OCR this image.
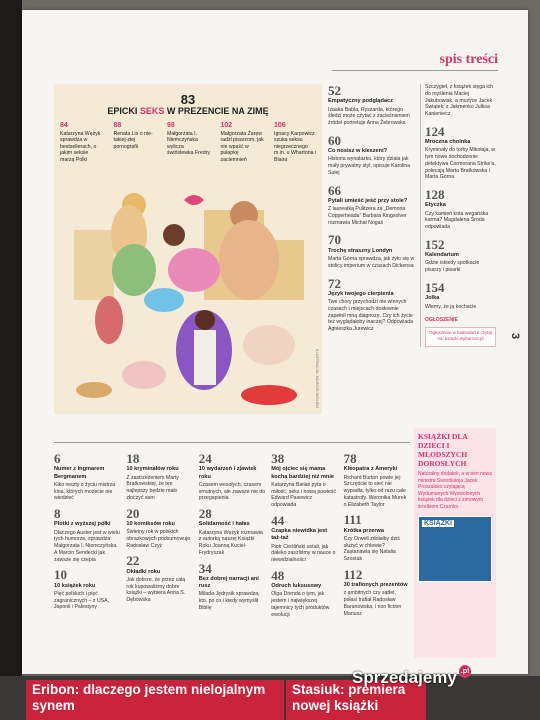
spis treści
83
EPICKI SEKS W PREZENCIE NA ZIMĘ
84
Katarzyna Wężyk sprawdza w bestsellerach, o jakim seksie marzą Polki
88
Renata Lis o nie-takiej-złej pornografii
98
Małgorzata I. Niemczyńska wylicza świństewka Fredry
102
Małgorzata Żaręw radzi pisarzom, jak nie wpaść w pułapkę zaciemnień
106
Ignacy Karpowicz szuka seksu niegrzecznego m.in. u Whartona i Blaira
ILUSTRACJA: MARCIN WOLSKI
52
Empatyczny podglądacz
Izaaka Babla, Ryszarda, którego śledzi może czytać z zacieśnieniem źródeł portretuje Anna Żebrowska
60
Co nosisz w kieszeni?
Historia wynalazku, który działa jak mały prywatny styl, opisuje Karolina Sulej
66
Pytali umieść jeść przy stole?
Z laureatką Pulitzera za „Demona Copperheada” Barbara Kingsolver rozmawia Michał Nogaś
70
Trochę straszny Londyn
Marta Górna sprawdza, jak żyło się w stolicy imperium w czasach Dickensa
72
Język twojego cierpienia
Twe chory przychodzi nie winnych czasach i miejscach dosłownie zapełnił mną diagnozę. Czy ich życie też wyglądałoby inaczej? Odpowiada Agnieszka Jurewicz
Szczygieł, z książek sięga ich do myślenia Maciej Jakubowiak, a muzyce Jacek Świątek; z Jakmenko Julksa Kanieniecz
124
Mroczna choinka
Kryminały do torby Mikołaja, w tym nowe dochodzenie detektywa Cormorana Strike'a, polecają Marta Bratkowska i Marta Górna
128
Etyczka
Czy kamień kota wegańska karma? Magdalena Środa odpowiada
152
Kalendarium
Gdzie iskiedy spotkacie pisarzy i pisarki
154
Jolka
Wiemy, że ją kochacie
OGŁOSZENIE
Ogłoszenie w kalendarzu czytaj na: ksiazki.wyborcza.pl	3
6
Numer z Ingmarem Bergmanem
Kiko reszty o życiu mistrza kina, których możecie nie wiedzieć
8
Plotki z wyższej półki
Dlaczego Auster jest w wielu tych humorze, sprawdza Małgorzata I. Niemczyńska. A Marcin Sendecki jak zawsze się czepia
10
10 książek roku
Pięć polskich i pięć zagranicznych – z USA, Japonii i Palestyny
18
10 kryminałów roku
Z zastrzeżeniem Marty Bratkowskiej, że ten najlepszy będzie mało złoczyć sam
20
10 komiksów roku
Świetny rok w polskich obrazkowych podsumowuje Radosław Czyż
22
Okładki roku
Jak dobrze, że przez całą rok kupowaliśmy dobre książki – wybiera Anna S. Dębowska
24
10 wydarzeń i zjawisk roku
Czasem wesołych, czasem smutnych, ale zawsze nie do przegapienia
28
Solidarność i hałas
Katarzyna Wężyk rozmawia z autorką naszej Książki Roku Joanną Kuciel-Frydryszak
34
Bez dobrej narracji ani rusz
Milada Jędrysik sprawdza, kto, po co i kiedy wymyślił Biblię
38
Mój ojciec się mama kocha bardziej niż mnie
Katarzyna Bielas pyta o miłość, seks i nową powieść Edward Pasewicz odpowiada
44
Czapka niewidka jest taż-taż
Piotr Cieśliński ustali, jak daleko zaszliśmy w nauce o niewidzialności
48
Odruch luksusowy
Olga Drenda o tym, jak jestem i największej tajemnicy tych produktów ewolucji
78
Kleopatra z Ameryki
Richard Burton powie jej: Szczęście to sieć nie wypadła, tylko od razu cale katastrofy. Weronika Murek o Elizabeth Taylor
111
Krótka przerwa
Czy Orwell zdołałby dziś służyć w chlewie? Zastanawia się Natalia Szostak
112
30 trafionych prezentów
z ambitnych czy sądel, połasi trafiał Radosław Baranowska, i non fiction Mariusz
KSIĄŻKI DLA DZIECI I MŁODSZYCH DOROSŁYCH
Naturalny dodatek, a w nim nowa ministra Swordiatoja Jacek Proszalsko czytającą Wydumanych Wyzwolonych książek dla dzieci z zimowym środkiem Czarnko
KSIĄŻKI
Eribon: dlaczego jestem nielojalnym synem
Stasiuk: premiera nowej książki
Sprzedajemy $^{.pl}$
